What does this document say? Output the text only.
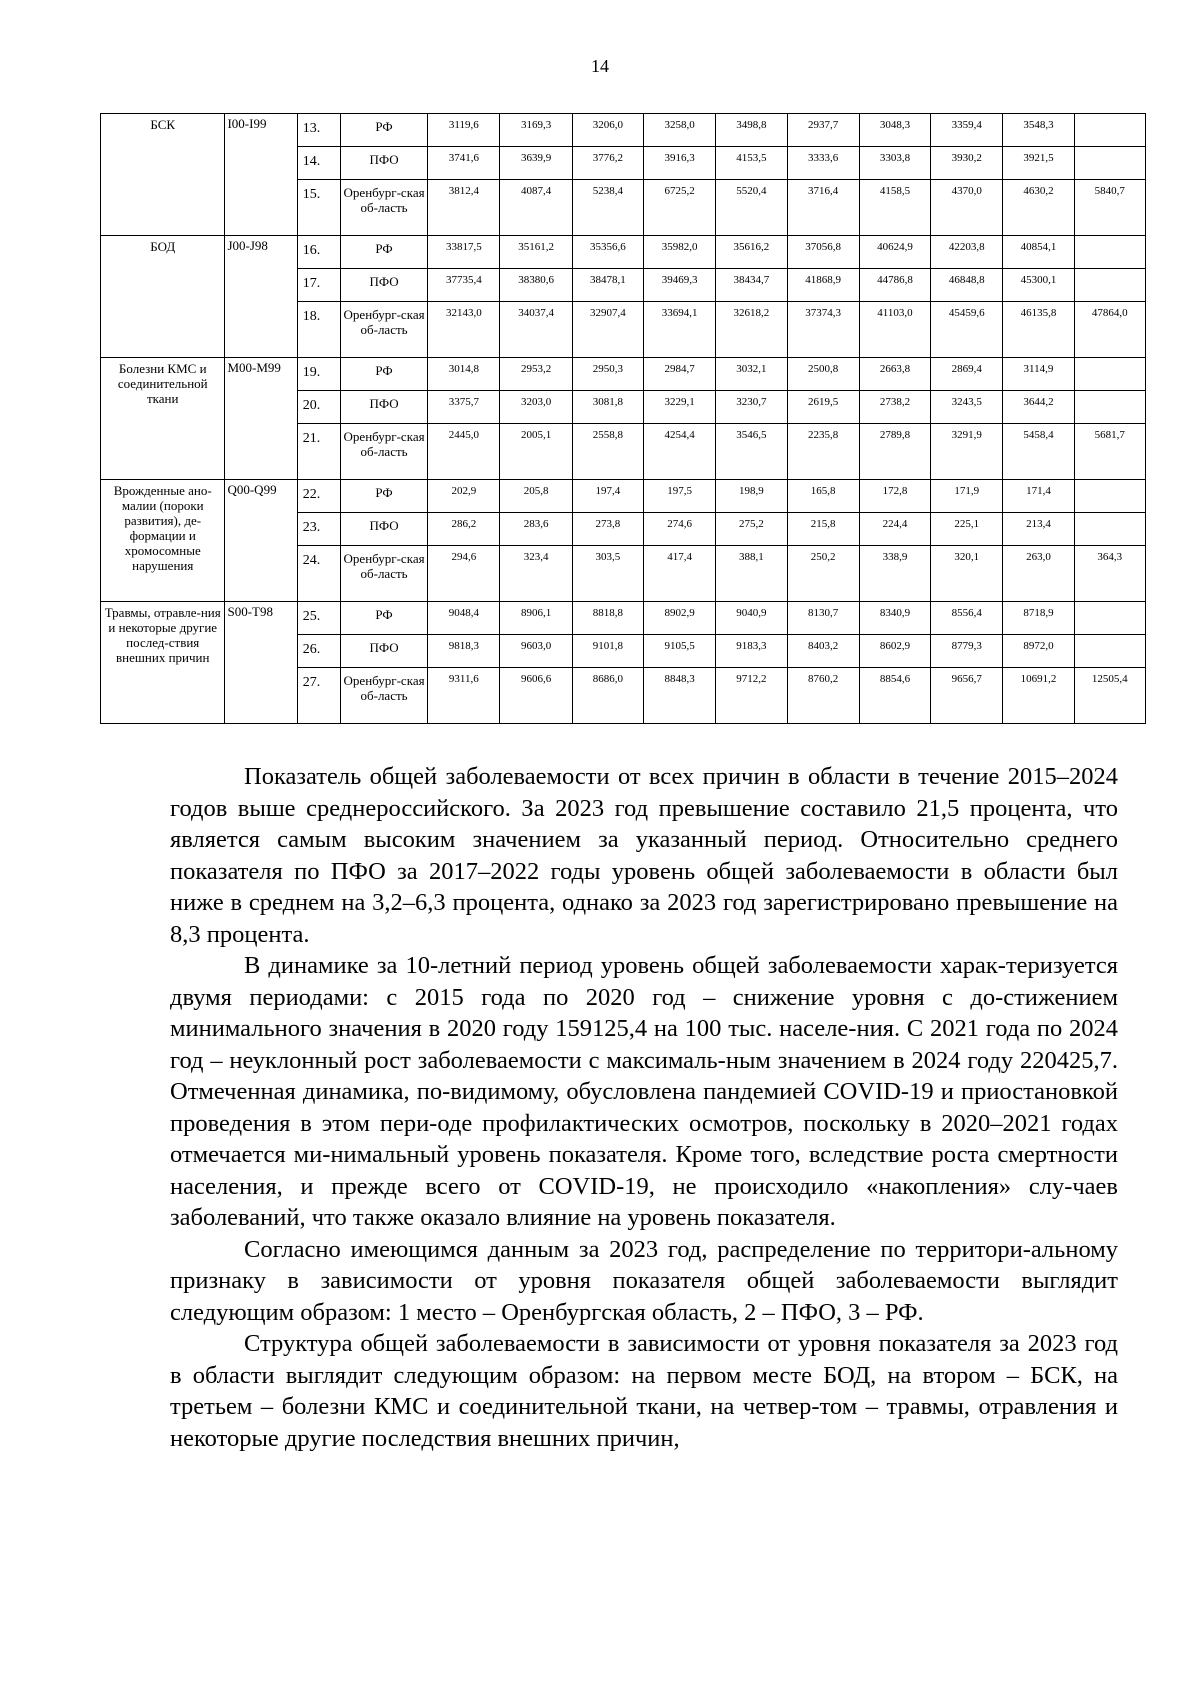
14
БСК	I00-I99	13.	РФ	3119,6	3169,3	3206,0	3258,0	3498,8	2937,7	3048,3	3359,4	3548,3	
		14.	ПФО	3741,6	3639,9	3776,2	3916,3	4153,5	3333,6	3303,8	3930,2	3921,5	
		15.	Оренбург-ская об-ласть	3812,4	4087,4	5238,4	6725,2	5520,4	3716,4	4158,5	4370,0	4630,2	5840,7
БОД	J00-J98	16.	РФ	33817,5	35161,2	35356,6	35982,0	35616,2	37056,8	40624,9	42203,8	40854,1	
		17.	ПФО	37735,4	38380,6	38478,1	39469,3	38434,7	41868,9	44786,8	46848,8	45300,1	
		18.	Оренбург-ская об-ласть	32143,0	34037,4	32907,4	33694,1	32618,2	37374,3	41103,0	45459,6	46135,8	47864,0
Болезни КМС и соединительной ткани	M00-M99	19.	РФ	3014,8	2953,2	2950,3	2984,7	3032,1	2500,8	2663,8	2869,4	3114,9	
		20.	ПФО	3375,7	3203,0	3081,8	3229,1	3230,7	2619,5	2738,2	3243,5	3644,2	
		21.	Оренбург-ская об-ласть	2445,0	2005,1	2558,8	4254,4	3546,5	2235,8	2789,8	3291,9	5458,4	5681,7
Врожденные ано-малии (пороки развития), де-формации и хромосомные нарушения	Q00-Q99	22.	РФ	202,9	205,8	197,4	197,5	198,9	165,8	172,8	171,9	171,4	
		23.	ПФО	286,2	283,6	273,8	274,6	275,2	215,8	224,4	225,1	213,4	
		24.	Оренбург-ская об-ласть	294,6	323,4	303,5	417,4	388,1	250,2	338,9	320,1	263,0	364,3
Травмы, отравле-ния и некоторые другие послед-ствия внешних причин	S00-T98	25.	РФ	9048,4	8906,1	8818,8	8902,9	9040,9	8130,7	8340,9	8556,4	8718,9	
		26.	ПФО	9818,3	9603,0	9101,8	9105,5	9183,3	8403,2	8602,9	8779,3	8972,0	
		27.	Оренбург-ская об-ласть	9311,6	9606,6	8686,0	8848,3	9712,2	8760,2	8854,6	9656,7	10691,2	12505,4

Показатель общей заболеваемости от всех причин в области в течение 2015–2024 годов выше среднероссийского. За 2023 год превышение составило 21,5 процента, что является самым высоким значением за указанный период. Относительно среднего показателя по ПФО за 2017–2022 годы уровень общей заболеваемости в области был ниже в среднем на 3,2–6,3 процента, однако за 2023 год зарегистрировано превышение на 8,3 процента.

В динамике за 10-летний период уровень общей заболеваемости харак-теризуется двумя периодами: с 2015 года по 2020 год – снижение уровня с до-стижением минимального значения в 2020 году 159125,4 на 100 тыс. населе-ния. С 2021 года по 2024 год – неуклонный рост заболеваемости с максималь-ным значением в 2024 году 220425,7. Отмеченная динамика, по-видимому, обусловлена пандемией COVID-19 и приостановкой проведения в этом пери-оде профилактических осмотров, поскольку в 2020–2021 годах отмечается ми-нимальный уровень показателя. Кроме того, вследствие роста смертности населения, и прежде всего от COVID-19, не происходило «накопления» слу-чаев заболеваний, что также оказало влияние на уровень показателя.

Согласно имеющимся данным за 2023 год, распределение по территори-альному признаку в зависимости от уровня показателя общей заболеваемости выглядит следующим образом: 1 место – Оренбургская область, 2 – ПФО, 3 – РФ.

Структура общей заболеваемости в зависимости от уровня показателя за 2023 год в области выглядит следующим образом: на первом месте БОД, на втором – БСК, на третьем – болезни КМС и соединительной ткани, на четвер-том – травмы, отравления и некоторые другие последствия внешних причин,
